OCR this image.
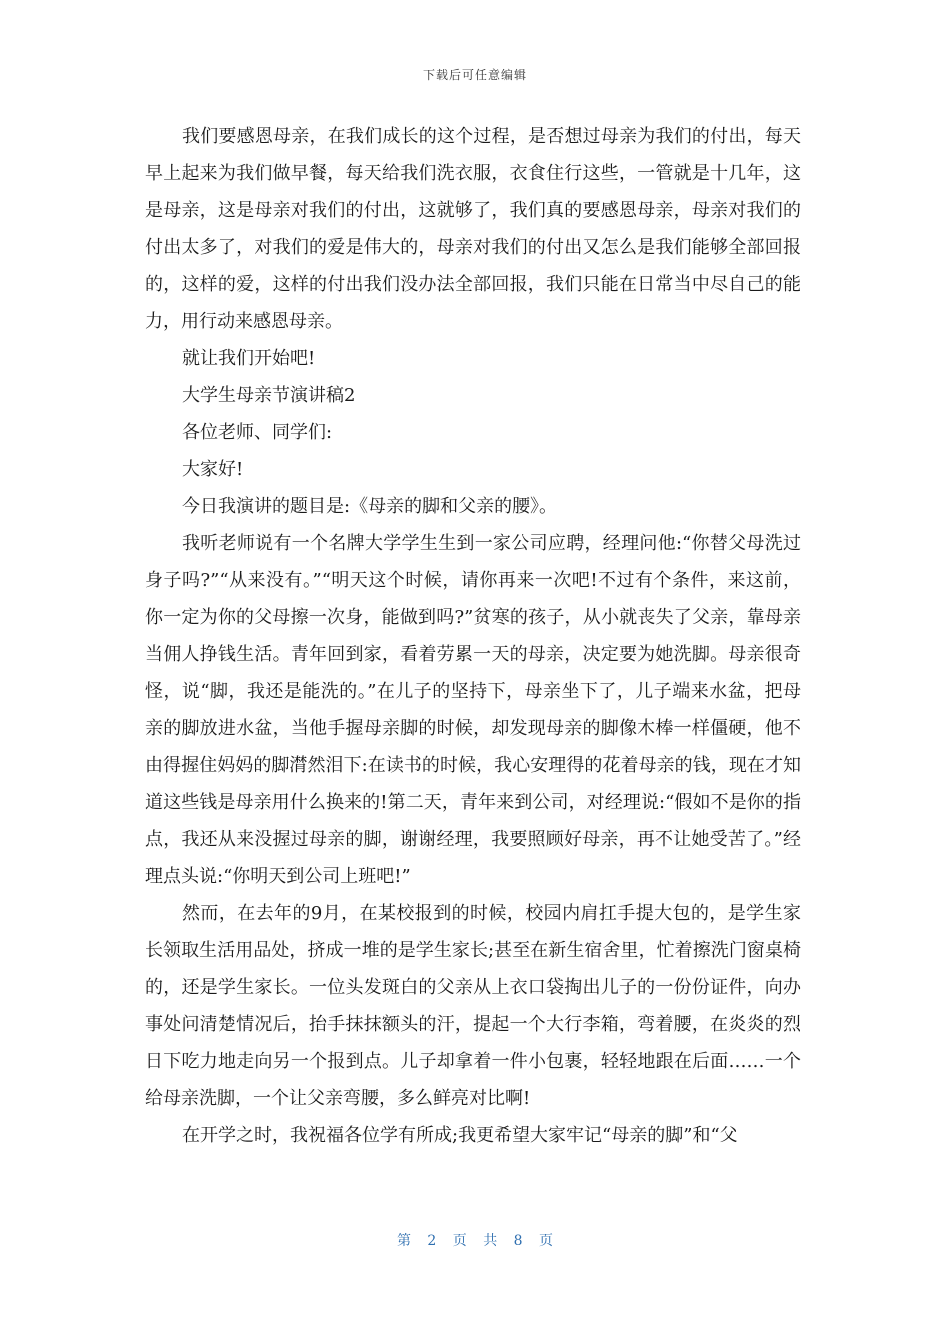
下载后可任意编辑

我们要感恩母亲，在我们成长的这个过程，是否想过母亲为我们的付出，每天早上起来为我们做早餐，每天给我们洗衣服，衣食住行这些，一管就是十几年，这是母亲，这是母亲对我们的付出，这就够了，我们真的要感恩母亲，母亲对我们的付出太多了，对我们的爱是伟大的，母亲对我们的付出又怎么是我们能够全部回报的，这样的爱，这样的付出我们没办法全部回报，我们只能在日常当中尽自己的能力，用行动来感恩母亲。

就让我们开始吧!

大学生母亲节演讲稿2

各位老师、同学们:

大家好!

今日我演讲的题目是:《母亲的脚和父亲的腰》。

我听老师说有一个名牌大学学生生到一家公司应聘，经理问他:“你替父母洗过身子吗?”“从来没有。”“明天这个时候，请你再来一次吧!不过有个条件，来这前，你一定为你的父母擦一次身，能做到吗?”贫寒的孩子，从小就丧失了父亲，靠母亲当佣人挣钱生活。青年回到家，看着劳累一天的母亲，决定要为她洗脚。母亲很奇怪，说“脚，我还是能洗的。”在儿子的坚持下，母亲坐下了，儿子端来水盆，把母亲的脚放进水盆，当他手握母亲脚的时候，却发现母亲的脚像木棒一样僵硬，他不由得握住妈妈的脚潸然泪下:在读书的时候，我心安理得的花着母亲的钱，现在才知道这些钱是母亲用什么换来的!第二天，青年来到公司，对经理说:“假如不是你的指点，我还从来没握过母亲的脚，谢谢经理，我要照顾好母亲，再不让她受苦了。”经理点头说:“你明天到公司上班吧!”

然而，在去年的9月，在某校报到的时候，校园内肩扛手提大包的，是学生家长领取生活用品处，挤成一堆的是学生家长;甚至在新生宿舍里，忙着擦洗门窗桌椅的，还是学生家长。一位头发斑白的父亲从上衣口袋掏出儿子的一份份证件，向办事处问清楚情况后，抬手抹抹额头的汗，提起一个大行李箱，弯着腰，在炎炎的烈日下吃力地走向另一个报到点。儿子却拿着一件小包裹，轻轻地跟在后面……一个给母亲洗脚，一个让父亲弯腰，多么鲜亮对比啊!

在开学之时，我祝福各位学有所成;我更希望大家牢记“母亲的脚”和“父

第 2 页 共 8 页
